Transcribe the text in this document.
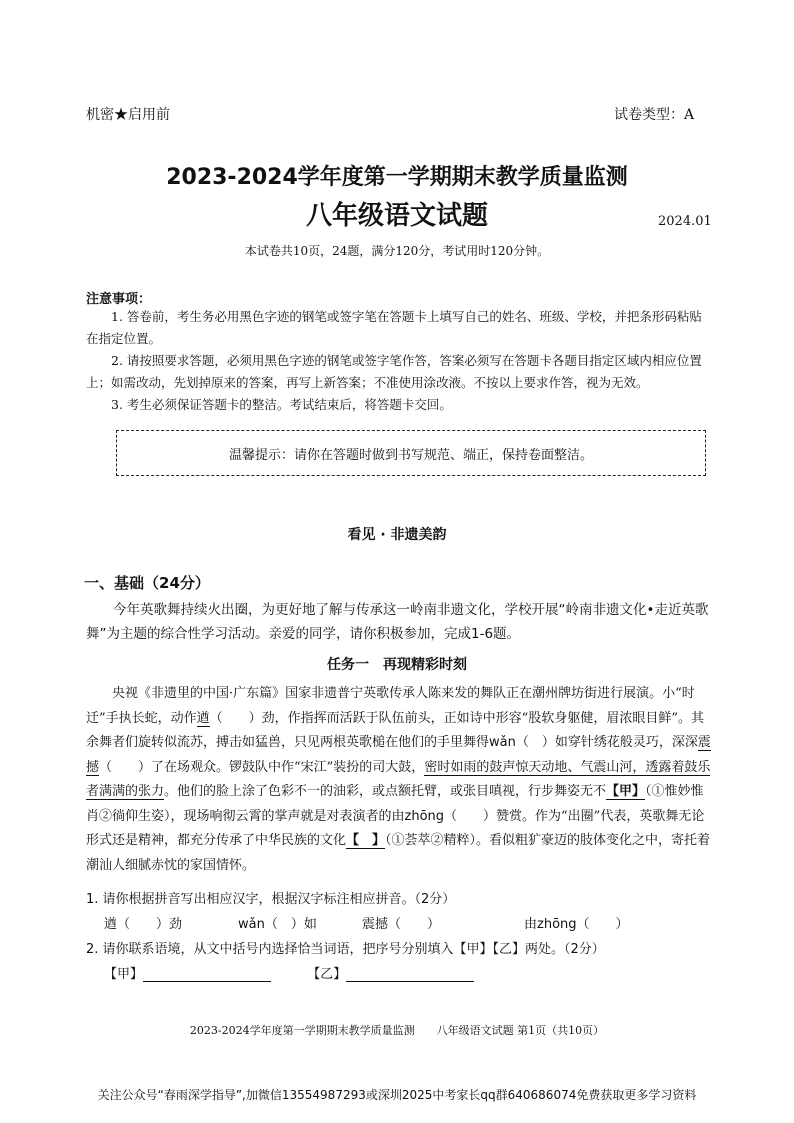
机密★启用前	试卷类型：A
2023-2024学年度第一学期期末教学质量监测
八年级语文试题	2024.01
本试卷共10页，24题，满分120分，考试用时120分钟。
注意事项：
1. 答卷前，考生务必用黑色字迹的钢笔或签字笔在答题卡上填写自己的姓名、班级、学校，并把条形码粘贴在指定位置。
2. 请按照要求答题，必须用黑色字迹的钢笔或签字笔作答，答案必须写在答题卡各题目指定区域内相应位置上；如需改动，先划掉原来的答案，再写上新答案；不准使用涂改液。不按以上要求作答，视为无效。
3. 考生必须保证答题卡的整洁。考试结束后，将答题卡交回。
温馨提示：请你在答题时做到书写规范、端正，保持卷面整洁。
看见 · 非遗美韵
一、基础（24分）
今年英歌舞持续火出圈，为更好地了解与传承这一岭南非遗文化，学校开展“岭南非遗文化•走近英歌舞”为主题的综合性学习活动。亲爱的同学，请你积极参加，完成1-6题。
任务一　再现精彩时刻

央视《非遗里的中国·广东篇》国家非遗普宁英歌传承人陈来发的舞队正在潮州牌坊街进行展演。小“时迁”手执长蛇，动作遒（　　）劲，作指挥而活跃于队伍前头，正如诗中形容“股软身躯健，眉浓眼目鲜”。其余舞者们旋转似流苏，搏击如猛兽，只见两根英歌槌在他们的手里舞得wǎn（　）如穿针绣花般灵巧，深深震撼（　　）了在场观众。锣鼓队中作“宋江”装扮的司大鼓，密时如雨的鼓声惊天动地、气震山河，透露着鼓乐者满满的张力。他们的脸上涂了色彩不一的油彩，或点额托臂，或张目嗔视，行步舞姿无不【甲】（①惟妙惟肖②徜仰生姿），现场响彻云霄的掌声就是对表演者的由zhōng（　　）赞赏。作为“出圈”代表，英歌舞无论形式还是精神，都充分传承了中华民族的文化【　】（①荟萃②精粹）。看似粗犷豪迈的肢体变化之中，寄托着潮汕人细腻赤忱的家国情怀。

1. 请你根据拼音写出相应汉字，根据汉字标注相应拼音。（2分）
遒（　　）劲	wǎn（　）如	震撼（　　）	由zhōng（　　）
2. 请你联系语境，从文中括号内选择恰当词语，把序号分别填入【甲】【乙】两处。（2分）
【甲】	【乙】
2023-2024学年度第一学期期末教学质量监测　　八年级语文试题 第1页（共10页）
关注公众号“春雨深学指导”,加微信13554987293或深圳2025中考家长qq群640686074免费获取更多学习资料
